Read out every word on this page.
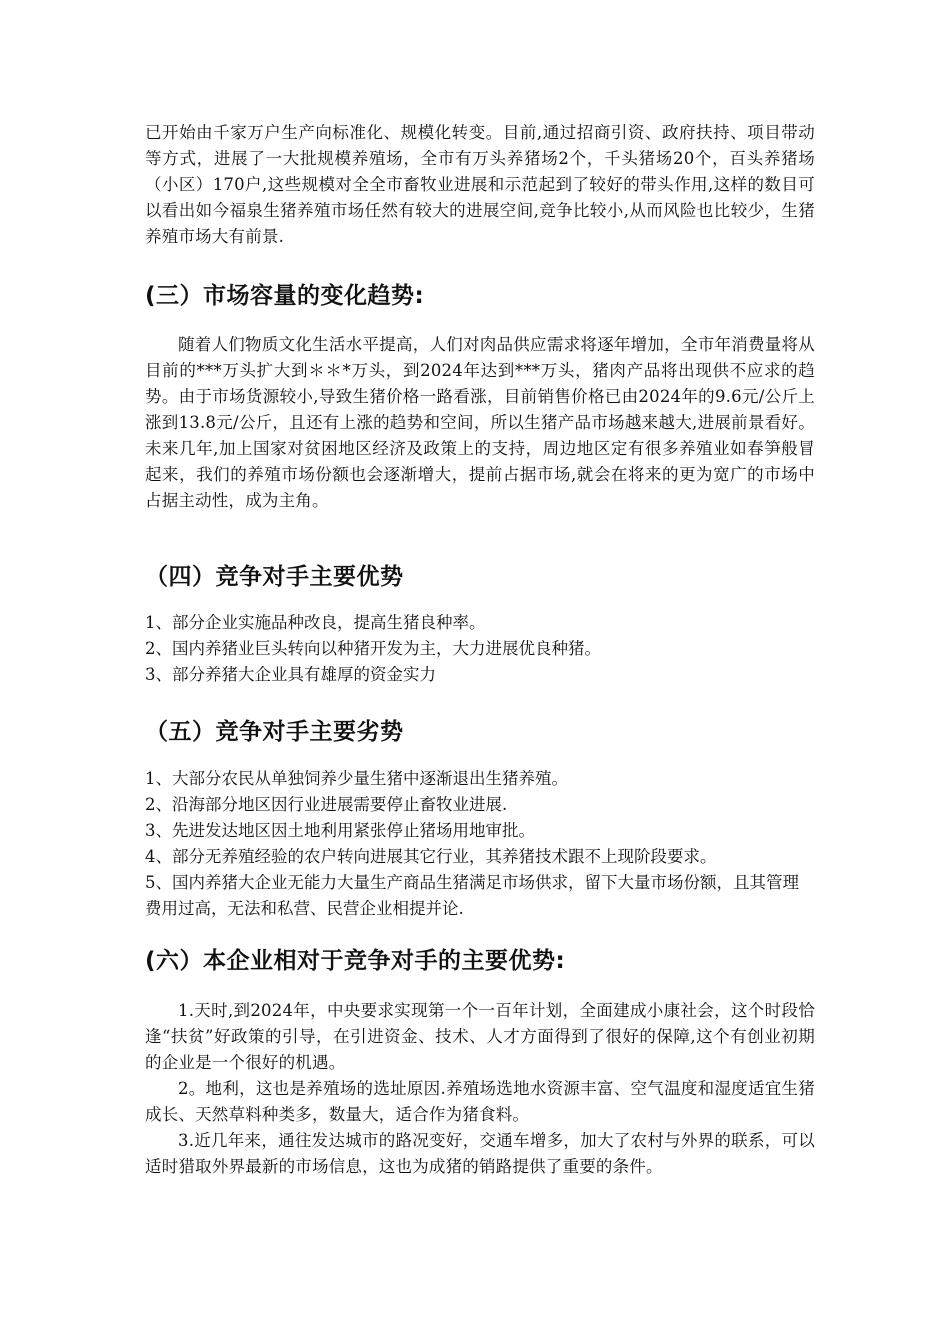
已开始由千家万户生产向标准化、规模化转变。目前,通过招商引资、政府扶持、项目带动等方式，进展了一大批规模养殖场，全市有万头养猪场2个，千头猪场20个，百头养猪场（小区）170户,这些规模对全全市畜牧业进展和示范起到了较好的带头作用,这样的数目可以看出如今福泉生猪养殖市场任然有较大的进展空间,竞争比较小,从而风险也比较少，生猪养殖市场大有前景.

(三）市场容量的变化趋势:

随着人们物质文化生活水平提高，人们对肉品供应需求将逐年增加，全市年消费量将从目前的***万头扩大到＊＊*万头，到2024年达到***万头，猪肉产品将出现供不应求的趋势。由于市场货源较小,导致生猪价格一路看涨，目前销售价格已由2024年的9.6元/公斤上涨到13.8元/公斤，且还有上涨的趋势和空间，所以生猪产品市场越来越大,进展前景看好。未来几年,加上国家对贫困地区经济及政策上的支持，周边地区定有很多养殖业如春笋般冒起来，我们的养殖市场份额也会逐渐增大，提前占据市场,就会在将来的更为宽广的市场中占据主动性，成为主角。

（四）竞争对手主要优势
1、部分企业实施品种改良，提高生猪良种率。
2、国内养猪业巨头转向以种猪开发为主，大力进展优良种猪。
3、部分养猪大企业具有雄厚的资金实力
（五）竞争对手主要劣势
1、大部分农民从单独饲养少量生猪中逐渐退出生猪养殖。
2、沿海部分地区因行业进展需要停止畜牧业进展.
3、先进发达地区因土地利用紧张停止猪场用地审批。
4、部分无养殖经验的农户转向进展其它行业，其养猪技术跟不上现阶段要求。
5、国内养猪大企业无能力大量生产商品生猪满足市场供求，留下大量市场份额，且其管理费用过高，无法和私营、民营企业相提并论.
(六）本企业相对于竞争对手的主要优势:

1.天时,到2024年，中央要求实现第一个一百年计划，全面建成小康社会，这个时段恰逢“扶贫”好政策的引导，在引进资金、技术、人才方面得到了很好的保障,这个有创业初期的企业是一个很好的机遇。

2。地利，这也是养殖场的选址原因.养殖场选地水资源丰富、空气温度和湿度适宜生猪成长、天然草料种类多，数量大，适合作为猪食料。

3.近几年来，通往发达城市的路况变好，交通车增多，加大了农村与外界的联系，可以适时猎取外界最新的市场信息，这也为成猪的销路提供了重要的条件。
